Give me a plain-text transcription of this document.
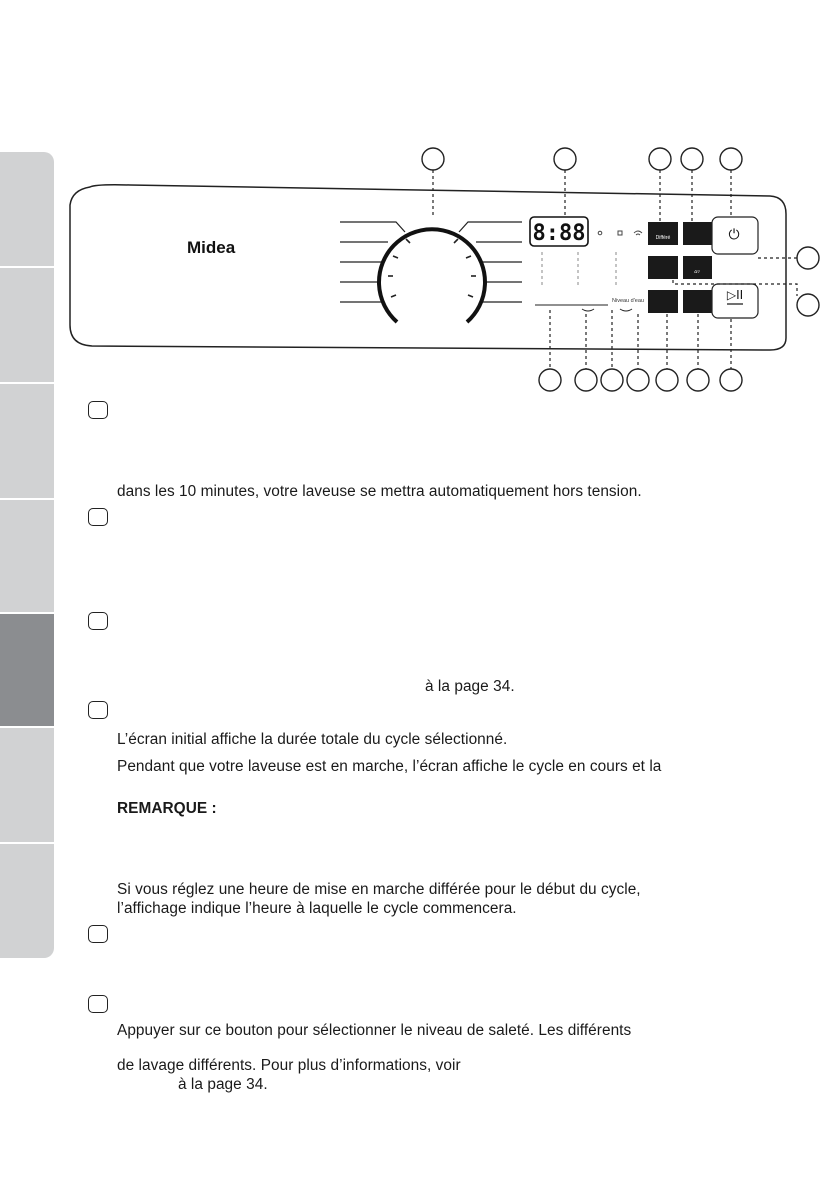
Midea
8:88
Niveau d'eau
Différé
⌂▿
⏻
▷II
dans les 10 minutes, votre laveuse se mettra automatiquement hors tension.
à la page 34.
L’écran initial affiche la durée totale du cycle sélectionné.
Pendant que votre laveuse est en marche, l’écran affiche le cycle en cours et la
REMARQUE :
Si vous réglez une heure de mise en marche différée pour le début du cycle,
l’affichage indique l’heure à laquelle le cycle commencera.
Appuyer sur ce bouton pour sélectionner le niveau de saleté. Les différents
de lavage différents. Pour plus d’informations, voir
à la page 34.
